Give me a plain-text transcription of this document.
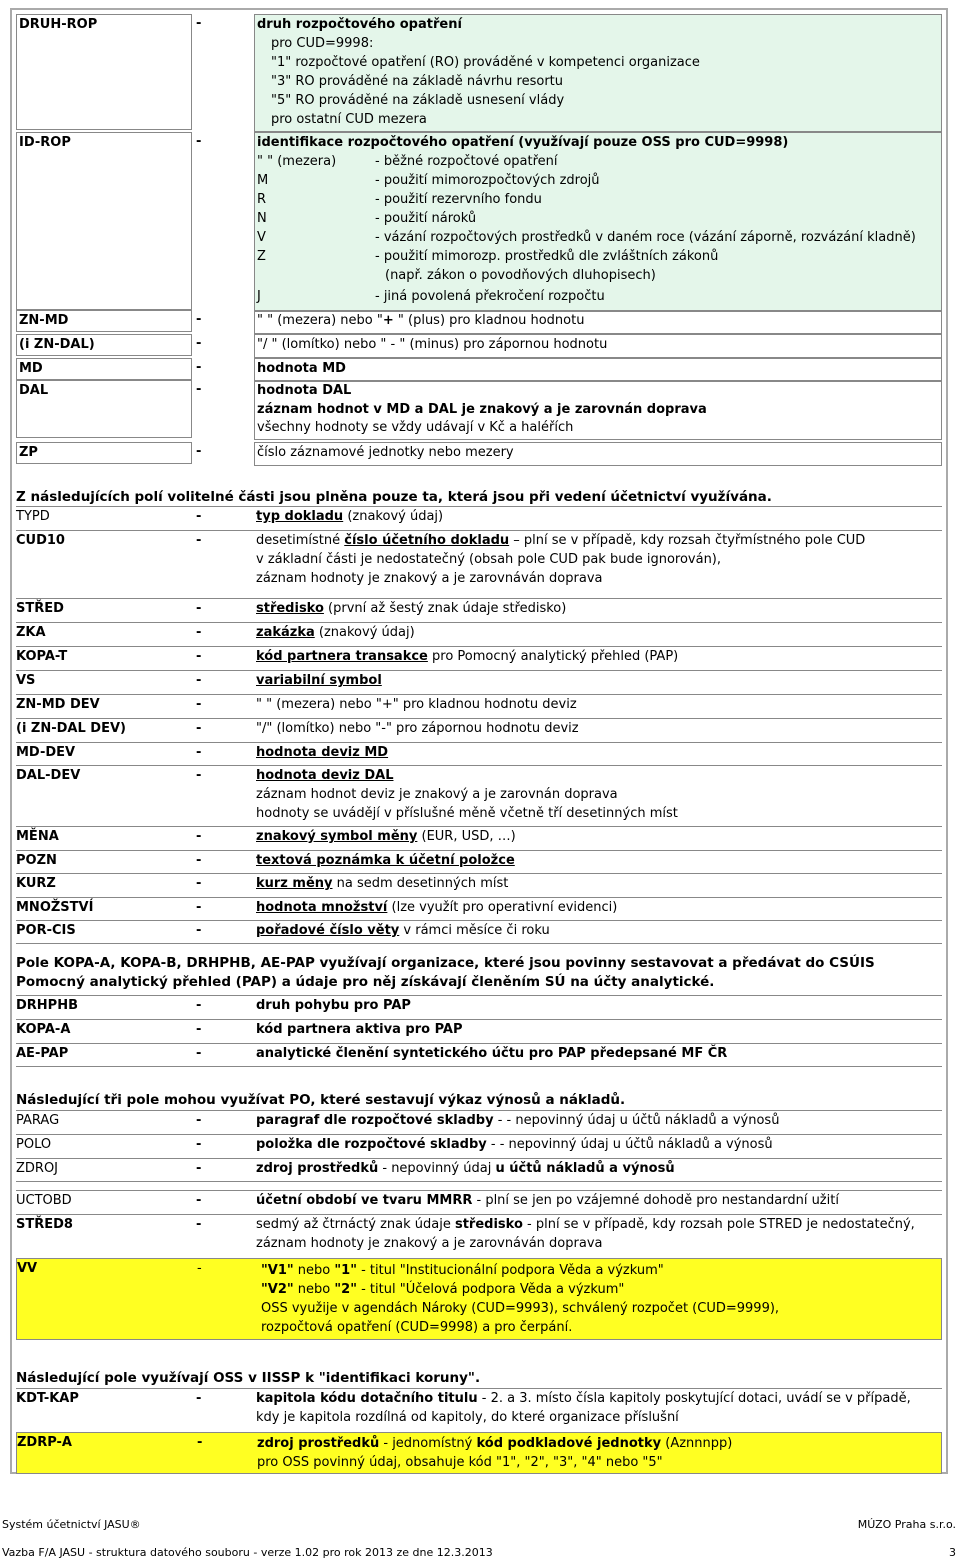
DRUH-ROP	-	druh rozpočtového opatření
pro CUD=9998:
"1" rozpočtové opatření (RO) prováděné v kompetenci organizace
"3" RO prováděné na základě návrhu resortu
"5" RO prováděné na základě usnesení vlády
pro ostatní CUD mezera
ID-ROP	-	identifikace rozpočtového opatření (využívají pouze OSS pro CUD=9998)
" " (mezera)	- běžné rozpočtové opatření
M	- použití mimorozpočtových zdrojů
R	- použití rezervního fondu
N	- použití nároků
V	- vázání rozpočtových prostředků v daném roce (vázání záporně, rozvázání kladně)
Z	- použití mimorozp. prostředků dle zvláštních zákonů
(např. zákon o povodňových dluhopisech)
J	- jiná povolená překročení rozpočtu
ZN-MD	-	" " (mezera) nebo "+ " (plus) pro kladnou hodnotu
(i ZN-DAL)	-	"/ " (lomítko) nebo " - " (minus) pro zápornou hodnotu
MD	-	hodnota MD
DAL	-	hodnota DAL
záznam hodnot v MD a DAL je znakový a je zarovnán doprava
všechny hodnoty se vždy udávají v Kč a haléřích
ZP	-	číslo záznamové jednotky nebo mezery
Z následujících polí volitelné části jsou plněna pouze ta, která jsou při vedení účetnictví využívána.
TYPD	-	typ dokladu (znakový údaj)
CUD10	-	desetimístné číslo účetního dokladu – plní se v případě, kdy rozsah čtyřmístného pole CUD
v základní části je nedostatečný (obsah pole CUD pak bude ignorován),
záznam hodnoty je znakový a je zarovnáván doprava
STŘED	-	středisko (první až šestý znak údaje středisko)
ZKA	-	zakázka (znakový údaj)
KOPA-T	-	kód partnera transakce pro Pomocný analytický přehled (PAP)
VS	-	variabilní symbol
ZN-MD DEV	-	" " (mezera) nebo "+" pro kladnou hodnotu deviz
(i ZN-DAL DEV)	-	"/" (lomítko) nebo "-" pro zápornou hodnotu deviz
MD-DEV	-	hodnota deviz MD
DAL-DEV	-	hodnota deviz DAL
záznam hodnot deviz je znakový a je zarovnán doprava
hodnoty se uvádějí v příslušné měně včetně tří desetinných míst
MĚNA	-	znakový symbol měny (EUR, USD, …)
POZN	-	textová poznámka k účetní položce
KURZ	-	kurz měny na sedm desetinných míst
MNOŽSTVÍ	-	hodnota množství (lze využít pro operativní evidenci)
POR-CIS	-	pořadové číslo věty v rámci měsíce či roku
Pole KOPA-A, KOPA-B, DRHPHB, AE-PAP využívají organizace, které jsou povinny sestavovat a předávat do CSÚIS
Pomocný analytický přehled (PAP) a údaje pro něj získávají členěním SÚ na účty analytické.
DRHPHB	-	druh pohybu pro PAP
KOPA-A	-	kód partnera aktiva pro PAP
AE-PAP	-	analytické členění syntetického účtu pro PAP předepsané MF ČR
Následující tři pole mohou využívat PO, které sestavují výkaz výnosů a nákladů.
PARAG	-	paragraf dle rozpočtové skladby - - nepovinný údaj u účtů nákladů a výnosů
POLO	-	položka dle rozpočtové skladby - - nepovinný údaj u účtů nákladů a výnosů
ZDROJ	-	zdroj prostředků - nepovinný údaj u účtů nákladů a výnosů
UCTOBD	-	účetní období ve tvaru MMRR - plní se jen po vzájemné dohodě pro nestandardní užití
STŘED8	-	sedmý až čtrnáctý znak údaje středisko - plní se v případě, kdy rozsah pole STRED je nedostatečný,
záznam hodnoty je znakový a je zarovnáván doprava
VV	-	"V1" nebo "1" - titul "Institucionální podpora Věda a výzkum"
"V2" nebo "2" - titul "Účelová podpora Věda a výzkum"
OSS využije v agendách Nároky (CUD=9993), schválený rozpočet (CUD=9999),
rozpočtová opatření (CUD=9998) a pro čerpání.
Následující pole využívají OSS v IISSP k "identifikaci koruny".
KDT-KAP	-	kapitola kódu dotačního titulu - 2. a 3. místo čísla kapitoly poskytující dotaci, uvádí se v případě,
kdy je kapitola rozdílná od kapitoly, do které organizace příslušní
ZDRP-A	-	zdroj prostředků - jednomístný kód podkladové jednotky (Aznnnpp)
pro OSS povinný údaj, obsahuje kód "1", "2", "3", "4" nebo "5"
Systém účetnictví JASU®	MÚZO Praha s.r.o.
Vazba F/A JASU - struktura datového souboru - verze 1.02 pro rok 2013 ze dne 12.3.2013	3
